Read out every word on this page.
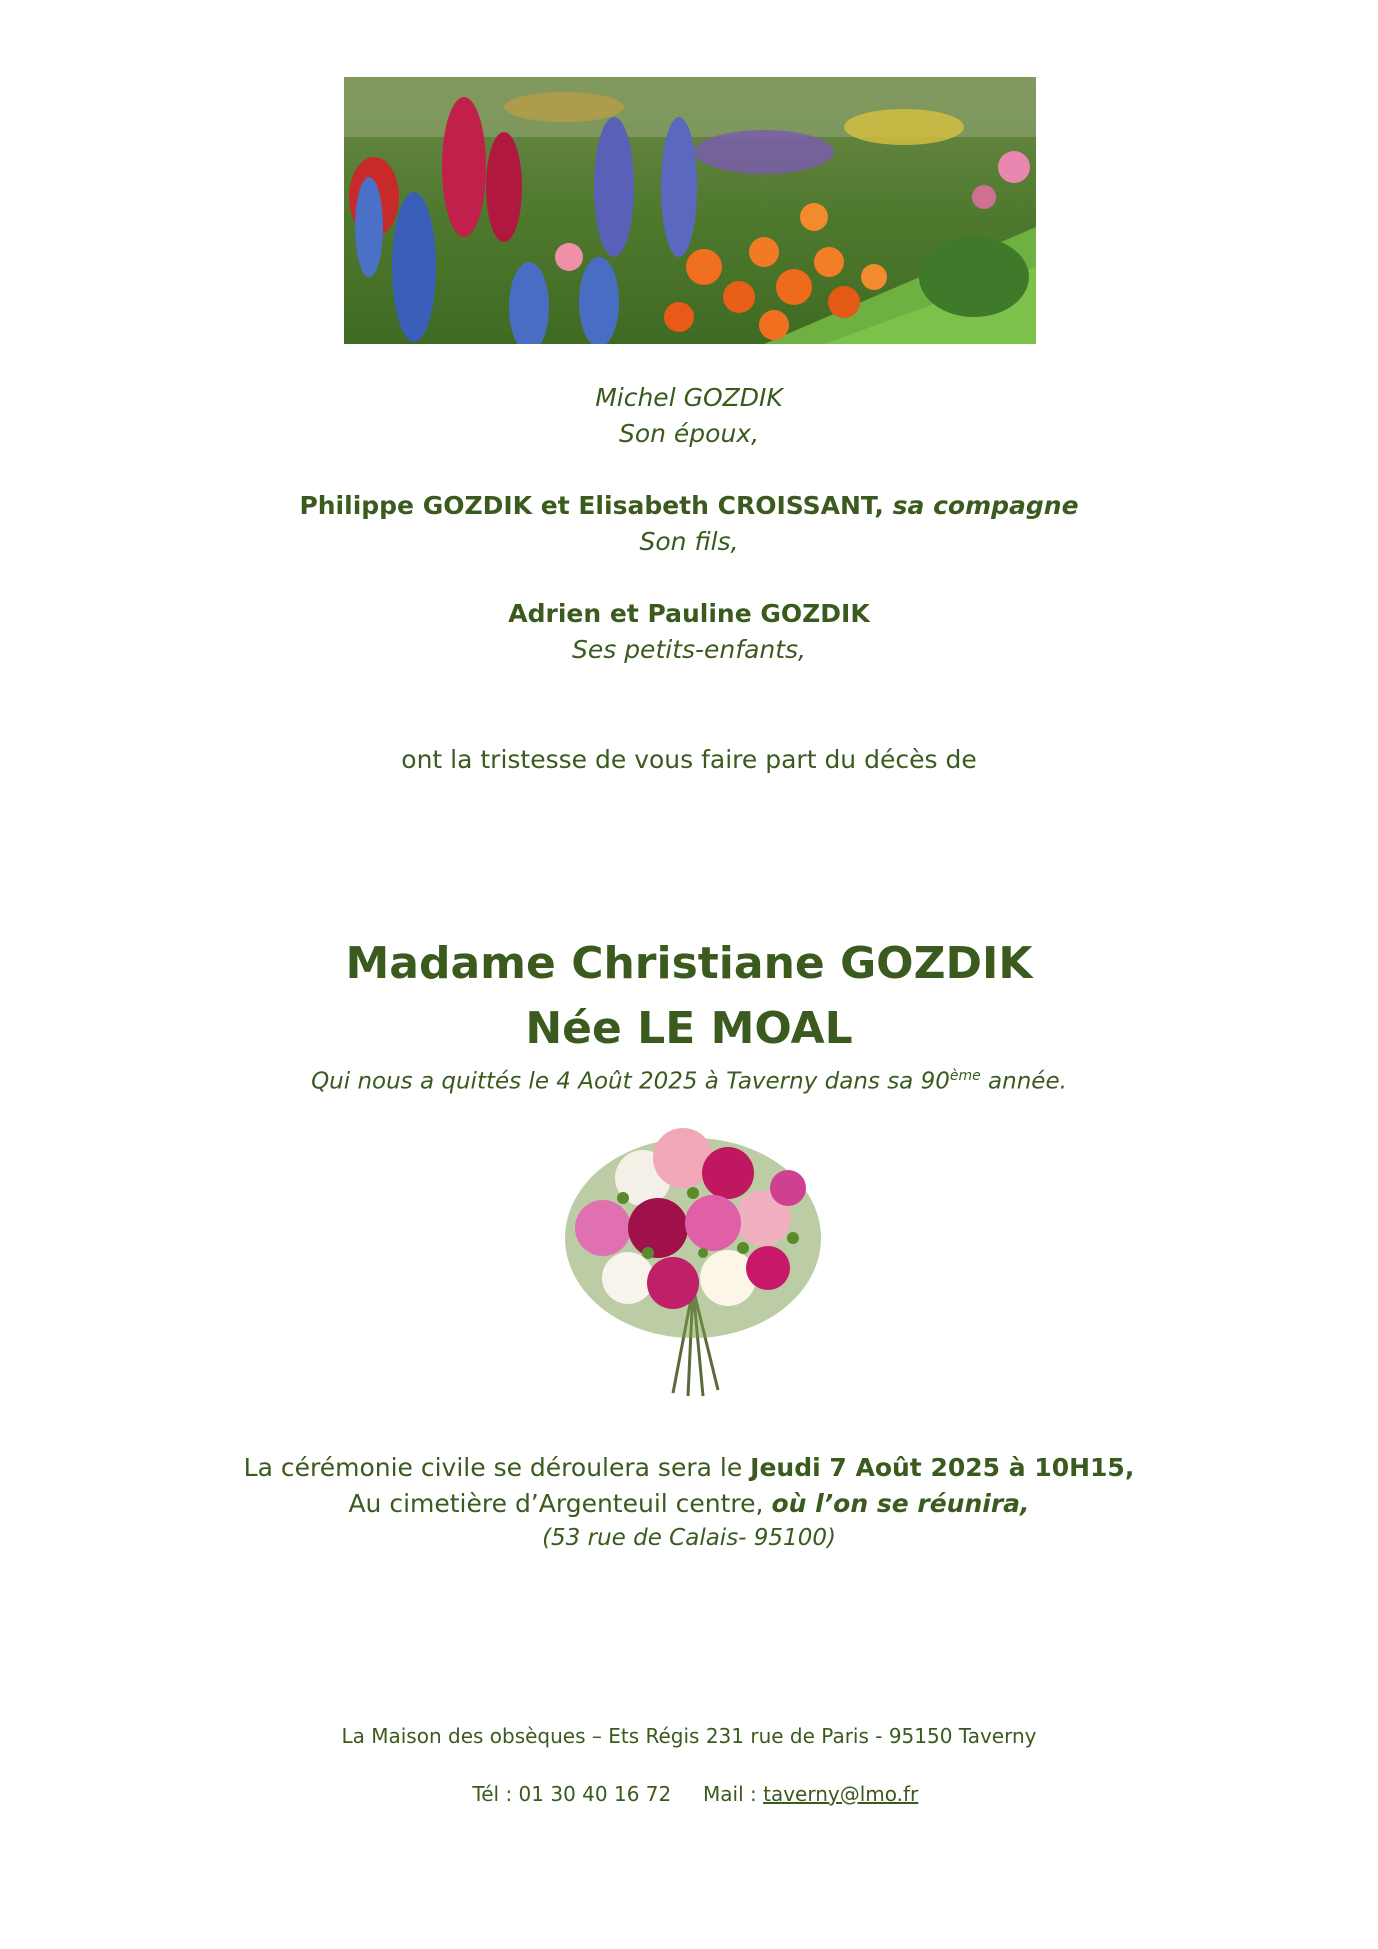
Michel GOZDIK
Son époux,
Philippe GOZDIK et Elisabeth CROISSANT, sa compagne
Son fils,
Adrien et Pauline GOZDIK
Ses petits-enfants,
ont la tristesse de vous faire part du décès de
Madame Christiane GOZDIK
Née LE MOAL
Qui nous a quittés le 4 Août 2025 à Taverny dans sa 90ème année.
La cérémonie civile se déroulera sera le Jeudi 7 Août 2025 à 10H15,
Au cimetière d’Argenteuil centre, où l’on se réunira,
(53 rue de Calais- 95100)
La Maison des obsèques – Ets Régis 231 rue de Paris - 95150 Taverny

Tél : 01 30 40 16 72     Mail : taverny@lmo.fr
